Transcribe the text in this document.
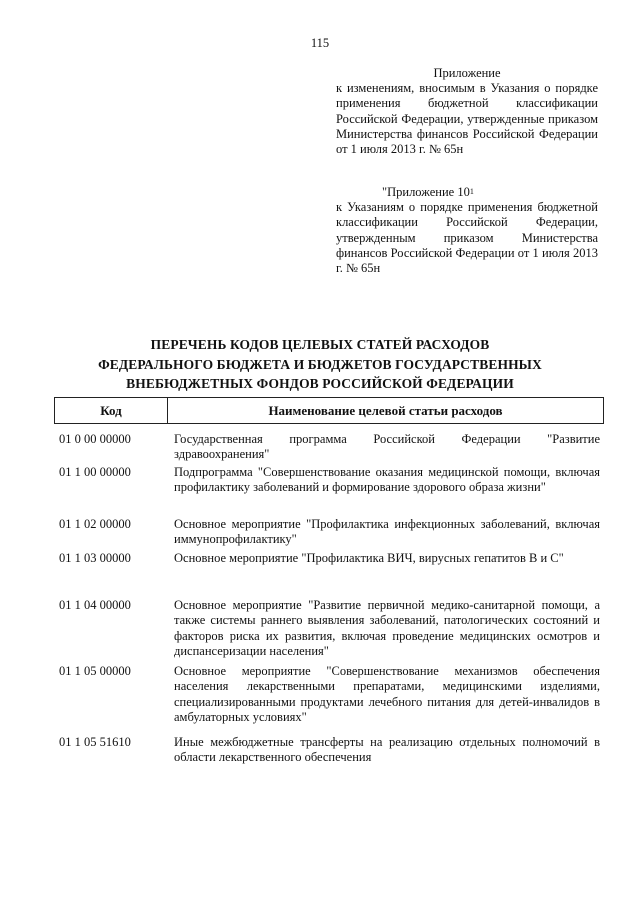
115
Приложение
к изменениям, вносимым в Указания о порядке применения бюджетной классификации Российской Федерации, утвержденные приказом Министерства финансов Российской Федерации от 1 июля 2013 г. № 65н
"Приложение $10^1$
к Указаниям о порядке применения бюджетной классификации Российской Федерации, утвержденным приказом Министерства финансов Российской Федерации от 1 июля 2013 г. № 65н
ПЕРЕЧЕНЬ КОДОВ ЦЕЛЕВЫХ СТАТЕЙ РАСХОДОВ
ФЕДЕРАЛЬНОГО БЮДЖЕТА И БЮДЖЕТОВ ГОСУДАРСТВЕННЫХ
ВНЕБЮДЖЕТНЫХ ФОНДОВ РОССИЙСКОЙ ФЕДЕРАЦИИ
Код	Наименование целевой статьи расходов
01 0 00 00000	Государственная программа Российской Федерации "Развитие здравоохранения"
01 1 00 00000	Подпрограмма "Совершенствование оказания медицинской помощи, включая профилактику заболеваний и формирование здорового образа жизни"
01 1 02 00000	Основное мероприятие "Профилактика инфекционных заболеваний, включая иммунопрофилактику"
01 1 03 00000	Основное мероприятие "Профилактика ВИЧ, вирусных гепатитов В и С"
01 1 04 00000	Основное мероприятие "Развитие первичной медико-санитарной помощи, а также системы раннего выявления заболеваний, патологических состояний и факторов риска их развития, включая проведение медицинских осмотров и диспансеризации населения"
01 1 05 00000	Основное мероприятие "Совершенствование механизмов обеспечения населения лекарственными препаратами, медицинскими изделиями, специализированными продуктами лечебного питания для детей-инвалидов в амбулаторных условиях"
01 1 05 51610	Иные межбюджетные трансферты на реализацию отдельных полномочий в области лекарственного обеспечения
